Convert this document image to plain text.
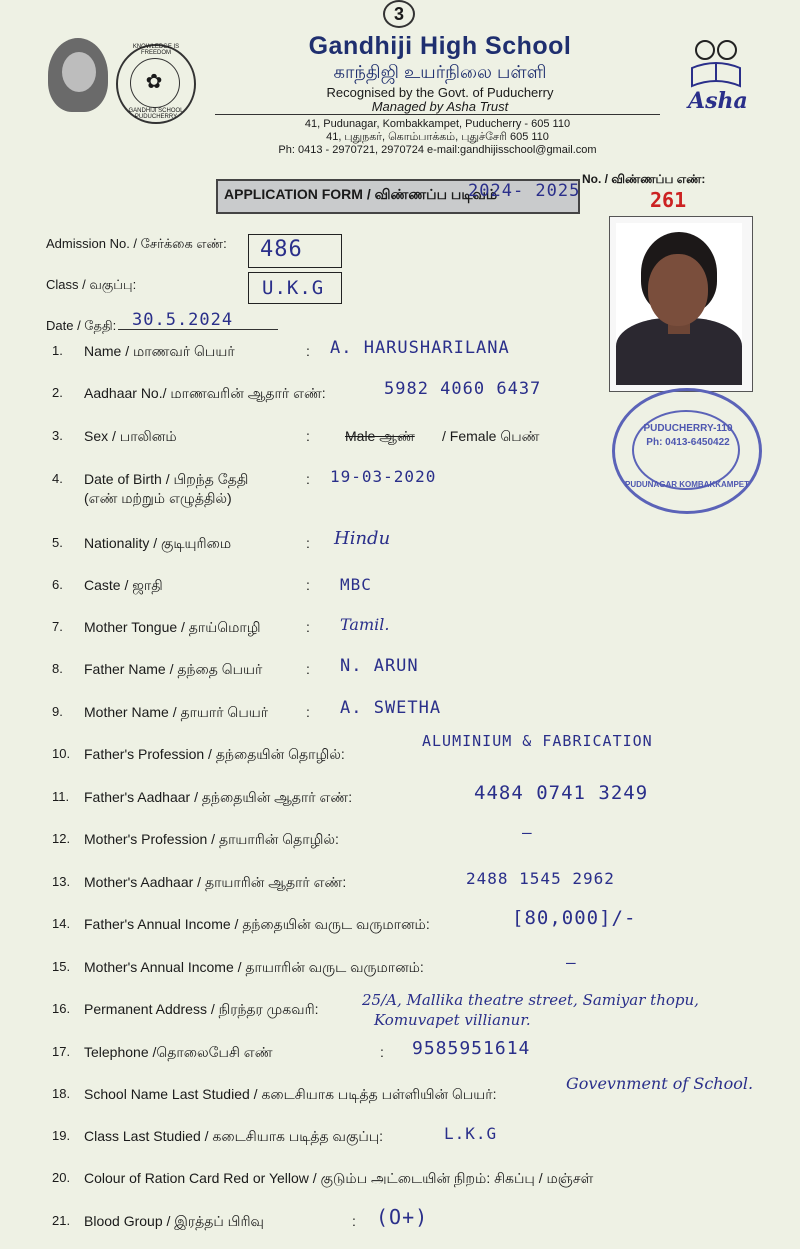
3
✿
KNOWLEDGE IS FREEDOM
GANDHIJI SCHOOL PUDUCHERRY
Asha
Gandhiji High School
காந்திஜி உயர்நிலை பள்ளி
Recognised by the Govt. of Puducherry
Managed by Asha Trust
41, Pudunagar, Kombakkampet, Puducherry - 605 110
41, புதுநகர், கொம்பாக்கம், புதுச்சேரி 605 110
Ph: 0413 - 2970721, 2970724 e-mail:gandhijisschool@gmail.com
APPLICATION FORM / விண்ணப்ப படிவம்
2024- 2025
No. / விண்ணப்ப எண்:
261
Admission No. / சேர்க்கை எண்: 486
Class / வகுப்பு:	U.K.G
Date / தேதி: 30.5.2024
PUDUCHERRY-110
Ph: 0413-6450422
PUDUNAGAR KOMBAKKAMPET
1. Name / மாணவர் பெயர்	: A. HARUSHARILANA
2. Aadhaar No./ மாணவரின் ஆதார் எண்:	5982 4060 6437
3. Sex / பாலினம்	:	Male ஆண் / Female பெண்
4. Date of Birth / பிறந்த தேதி
(எண் மற்றும் எழுத்தில்)
: 19-03-2020
5. Nationality / குடியுரிமை	: Hindu
6. Caste / ஜாதி	: MBC
7. Mother Tongue / தாய்மொழி	: Tamil.
8. Father Name / தந்தை பெயர்	: N. ARUN
9. Mother Name / தாயார் பெயர்	: A. SWETHA
10. Father's Profession / தந்தையின் தொழில்:
ALUMINIUM & FABRICATION
11. Father's Aadhaar / தந்தையின் ஆதார் எண்:	4484 0741 3249
12. Mother's Profession / தாயாரின் தொழில்:	—
13. Mother's Aadhaar / தாயாரின் ஆதார் எண்:	2488 1545 2962
14. Father's Annual Income / தந்தையின் வருட வருமானம்:	[80,000]/-
15. Mother's Annual Income / தாயாரின் வருட வருமானம்:	—
16. Permanent Address / நிரந்தர முகவரி:	25/A, Mallika theatre street, Samiyar thopu,
Komuvapet villianur.
17. Telephone /தொலைபேசி எண்	: 9585951614
18. School Name Last Studied / கடைசியாக படித்த பள்ளியின் பெயர்:
Govevnment of School.
19. Class Last Studied / கடைசியாக படித்த வகுப்பு:	L.K.G
20. Colour of Ration Card Red or Yellow / குடும்ப அட்டையின் நிறம்: சிகப்பு / மஞ்சள்
21. Blood Group / இரத்தப் பிரிவு	: (O+)
